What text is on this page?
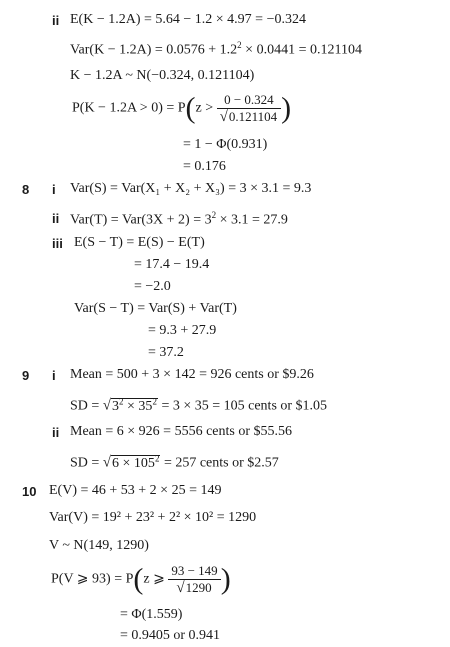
ii E(K − 1.2A) = 5.64 − 1.2 × 4.97 = −0.324
$Var(K - 1.2A) = 0.0576 + 1.2^2 \times 0.0441 = 0.121104$
K − 1.2A ~ N(−0.324, 0.121104)
$P(K - 1.2A > 0) = P(z > \frac{0 - 0.324}{√0.121104}$ )
= 1 − Φ(0.931)
= 0.176
8 i Var(S) = Var(X₁ + X₂ + X₃) = 3 × 3.1 = 9.3
ii $Var(T) = Var(3X + 2) = 3^2 \times 3.1 = 27.9$
iii E(S − T) = E(S) − E(T)
= 17.4 − 19.4
= −2.0
Var(S − T) = Var(S) + Var(T)
= 9.3 + 27.9
= 37.2
9 i Mean = 500 + 3 × 142 = 926 cents or $9.26
SD = $√3^2 \times 35^2 = 3 \times 35 = 105$ cents or $1.05
ii Mean = 6 × 926 = 5556 cents or $55.56
SD = $√6 \times 105^2 = 257$ cents or $2.57
10 E(V) = 46 + 53 + 2 × 25 = 149
Var(V) = 19² + 23² + 2² × 10² = 1290
V ~ N(149, 1290)
P(V ⩾ 93) = P(z ⩾ $\frac{93 - 149}{√1290}$ )
= Φ(1.559)
= 0.9405 or 0.941
